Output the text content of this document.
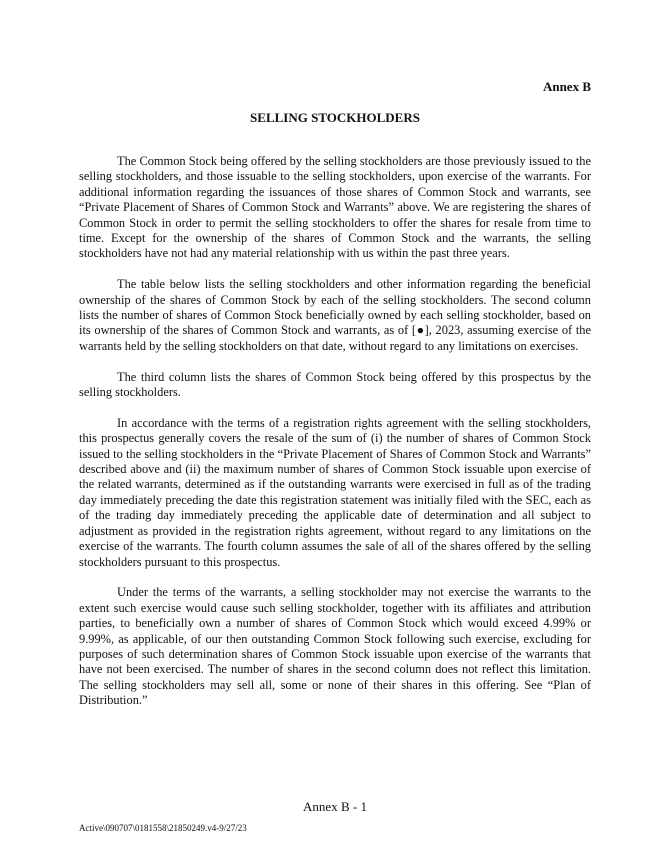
Annex B

SELLING STOCKHOLDERS

The Common Stock being offered by the selling stockholders are those previously issued to the selling stockholders, and those issuable to the selling stockholders, upon exercise of the warrants. For additional information regarding the issuances of those shares of Common Stock and warrants, see “Private Placement of Shares of Common Stock and Warrants” above. We are registering the shares of Common Stock in order to permit the selling stockholders to offer the shares for resale from time to time. Except for the ownership of the shares of Common Stock and the warrants, the selling stockholders have not had any material relationship with us within the past three years.

The table below lists the selling stockholders and other information regarding the beneficial ownership of the shares of Common Stock by each of the selling stockholders. The second column lists the number of shares of Common Stock beneficially owned by each selling stockholder, based on its ownership of the shares of Common Stock and warrants, as of [●], 2023, assuming exercise of the warrants held by the selling stockholders on that date, without regard to any limitations on exercises.

The third column lists the shares of Common Stock being offered by this prospectus by the selling stockholders.

In accordance with the terms of a registration rights agreement with the selling stockholders, this prospectus generally covers the resale of the sum of (i) the number of shares of Common Stock issued to the selling stockholders in the “Private Placement of Shares of Common Stock and Warrants” described above and (ii) the maximum number of shares of Common Stock issuable upon exercise of the related warrants, determined as if the outstanding warrants were exercised in full as of the trading day immediately preceding the date this registration statement was initially filed with the SEC, each as of the trading day immediately preceding the applicable date of determination and all subject to adjustment as provided in the registration rights agreement, without regard to any limitations on the exercise of the warrants. The fourth column assumes the sale of all of the shares offered by the selling stockholders pursuant to this prospectus.

Under the terms of the warrants, a selling stockholder may not exercise the warrants to the extent such exercise would cause such selling stockholder, together with its affiliates and attribution parties, to beneficially own a number of shares of Common Stock which would exceed 4.99% or 9.99%, as applicable, of our then outstanding Common Stock following such exercise, excluding for purposes of such determination shares of Common Stock issuable upon exercise of the warrants that have not been exercised. The number of shares in the second column does not reflect this limitation. The selling stockholders may sell all, some or none of their shares in this offering. See “Plan of Distribution.”

Annex B - 1

Active\090707\0181558\21850249.v4-9/27/23
